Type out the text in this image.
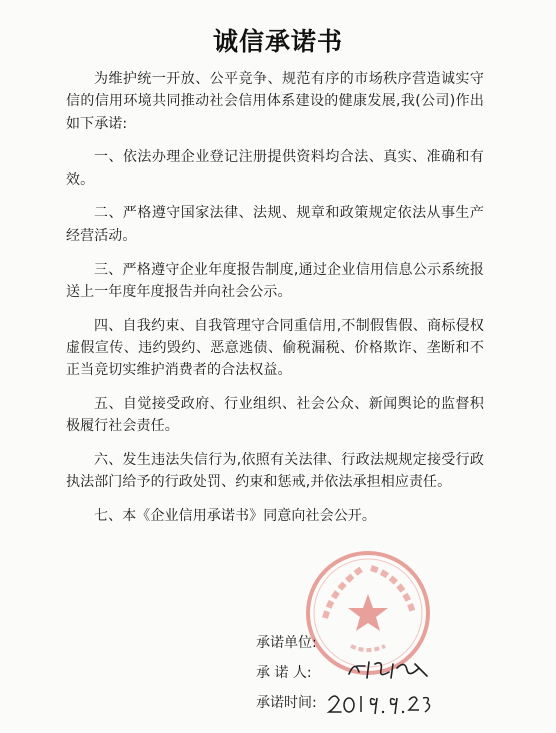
诚信承诺书

为维护统一开放、公平竞争、规范有序的市场秩序营造诚实守信的信用环境共同推动社会信用体系建设的健康发展,我(公司)作出如下承诺:

一、依法办理企业登记注册提供资料均合法、真实、准确和有效。

二、严格遵守国家法律、法规、规章和政策规定依法从事生产经营活动。

三、严格遵守企业年度报告制度,通过企业信用信息公示系统报送上一年度年度报告并向社会公示。

四、自我约束、自我管理守合同重信用,不制假售假、商标侵权虚假宣传、违约毁约、恶意逃债、偷税漏税、价格欺诈、垄断和不正当竞切实维护消费者的合法权益。

五、自觉接受政府、行业组织、社会公众、新闻舆论的监督积极履行社会责任。

六、发生违法失信行为,依照有关法律、行政法规规定接受行政执法部门给予的行政处罚、约束和惩戒,并依法承担相应责任。

七、本《企业信用承诺书》同意向社会公开。

承诺单位:
承 诺 人:
承诺时间:
